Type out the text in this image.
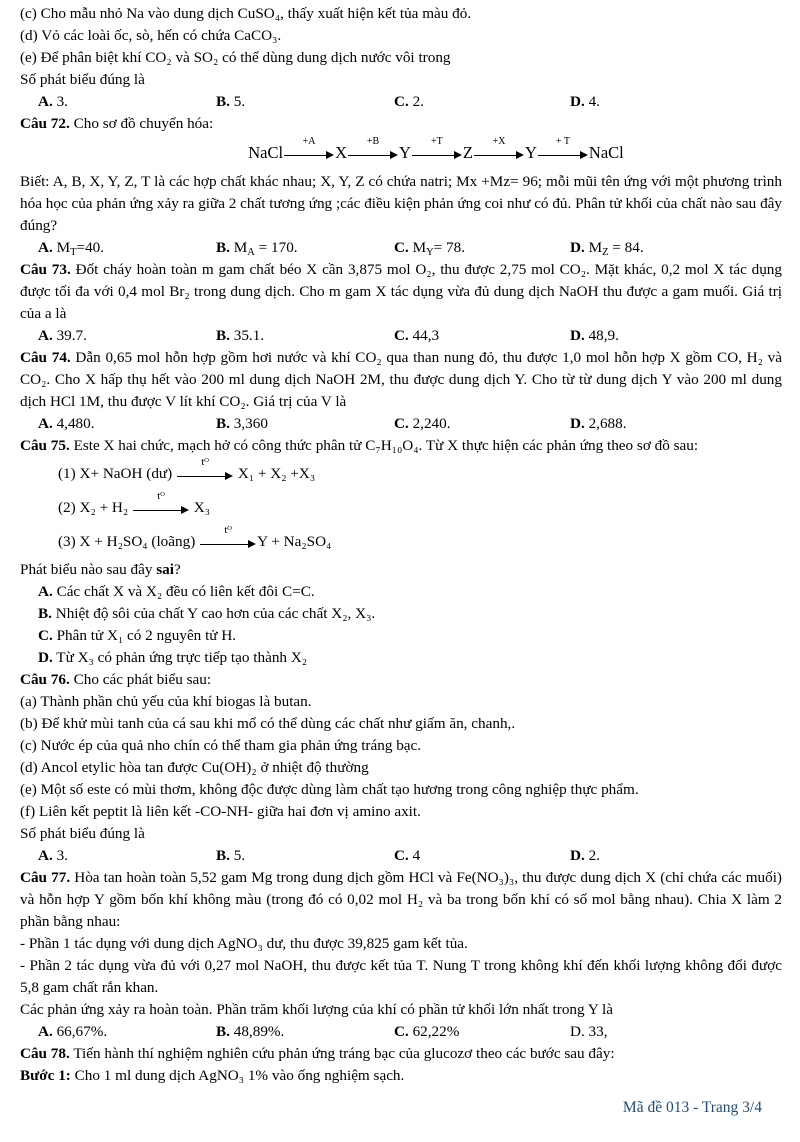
(c) Cho mẫu nhỏ Na vào dung dịch CuSO₄, thấy xuất hiện kết tủa màu đỏ.

(d) Vỏ các loài ốc, sò, hến có chứa CaCO₃.

(e) Để phân biệt khí CO₂ và SO₂ có thể dùng dung dịch nước vôi trong

Số phát biểu đúng là

A. 3.	B. 5.	C. 2.	D. 4.

Câu 72. Cho sơ đồ chuyển hóa:

NaCl
+A
X
+B
Y
+T
Z
+X
Y
+ T
NaCl

Biết: A, B, X, Y, Z, T là các hợp chất khác nhau; X, Y, Z có chứa natri; Mx +Mz= 96; mỗi mũi tên ứng với một phương trình hóa học của phản ứng xảy ra giữa 2 chất tương ứng ;các điều kiện phản ứng coi như có đủ. Phân tử khối của chất nào sau đây đúng?

A. $M_T=40$.	B. $M_A = 170$.	C. $M_Y= 78$.	D. $M_Z = 84$.

Câu 73. Đốt cháy hoàn toàn m gam chất béo X cần 3,875 mol O₂, thu được 2,75 mol CO₂. Mặt khác, 0,2 mol X tác dụng được tối đa với 0,4 mol Br₂ trong dung dịch. Cho m gam X tác dụng vừa đủ dung dịch NaOH thu được a gam muối. Giá trị của a là

A. 39.7.	B. 35.1.	C. 44,3	D. 48,9.

Câu 74. Dẫn 0,65 mol hỗn hợp gồm hơi nước và khí CO₂ qua than nung đỏ, thu được 1,0 mol hỗn hợp X gồm CO, H₂ và CO₂. Cho X hấp thụ hết vào 200 ml dung dịch NaOH 2M, thu được dung dịch Y. Cho từ từ dung dịch Y vào 200 ml dung dịch HCl 1M, thu được V lít khí CO₂. Giá trị của V là

A. 4,480.	B. 3,360	C. 2,240.	D. 2,688.

Câu 75. Este X hai chức, mạch hở có công thức phân tử C₇H₁₀O₄. Từ X thực hiện các phản ứng theo sơ đồ sau:

(1) X+ NaOH (dư)
tᴼ
X₁ + X₂ +X₃
(2) X₂ + H₂
tᴼ
X₃
(3) X + H₂SO₄ (loãng)
tᴼ
Y + Na₂SO₄

Phát biểu nào sau đây sai?

A. Các chất X và X₂ đều có liên kết đôi C=C.

B. Nhiệt độ sôi của chất Y cao hơn của các chất X₂, X₃.

C. Phân tử X₁ có 2 nguyên tử H.

D. Từ X₃ có phản ứng trực tiếp tạo thành X₂

Câu 76. Cho các phát biểu sau:

(a) Thành phần chủ yếu của khí biogas là butan.

(b) Để khử mùi tanh của cá sau khi mổ có thể dùng các chất như giấm ăn, chanh,.

(c) Nước ép của quả nho chín có thể tham gia phản ứng tráng bạc.

(d) Ancol etylic hòa tan được Cu(OH)₂ ở nhiệt độ thường

(e) Một số este có mùi thơm, không độc được dùng làm chất tạo hương trong công nghiệp thực phẩm.

(f) Liên kết peptit là liên kết -CO-NH- giữa hai đơn vị amino axit.

Số phát biểu đúng là

A. 3.	B. 5.	C. 4	D. 2.

Câu 77. Hòa tan hoàn toàn 5,52 gam Mg trong dung dịch gồm HCl và Fe(NO₃)₃, thu được dung dịch X (chỉ chứa các muối) và hỗn hợp Y gồm bốn khí không màu (trong đó có 0,02 mol H₂ và ba trong bốn khí có số mol bằng nhau). Chia X làm 2 phần bằng nhau:

- Phần 1 tác dụng với dung dịch AgNO₃ dư, thu được 39,825 gam kết tủa.

- Phần 2 tác dụng vừa đủ với 0,27 mol NaOH, thu được kết tủa T. Nung T trong không khí đến khối lượng không đổi được 5,8 gam chất rắn khan.

Các phản ứng xảy ra hoàn toàn. Phần trăm khối lượng của khí có phần tử khối lớn nhất trong Y là

A. 66,67%.	B. 48,89%.	C. 62,22%	D. 33,

Câu 78. Tiến hành thí nghiệm nghiên cứu phản ứng tráng bạc của glucozơ theo các bước sau đây:

Bước 1: Cho 1 ml dung dịch AgNO₃ 1% vào ống nghiệm sạch.

Mã đề 013 - Trang 3/4
